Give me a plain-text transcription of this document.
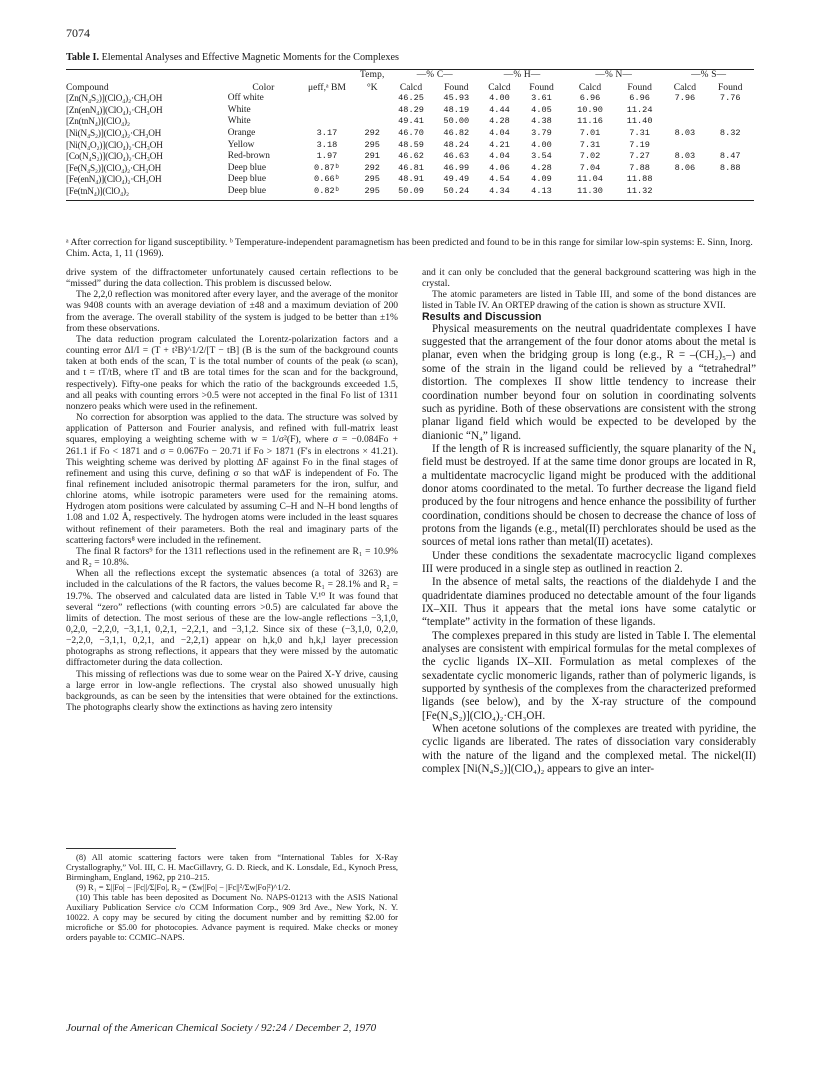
7074
Table I. Elemental Analyses and Effective Magnetic Moments for the Complexes
			Temp,	—% C—		—% H—		—% N—		—% S—	
Compound	Color	μeff,ᵃ BM	°K	Calcd	Found	Calcd	Found	Calcd	Found	Calcd	Found
[Zn(N₄S₂)](ClO₄)₂·CH₃OH	Off white			46.25	45.93	4.00	3.61	6.96	6.96	7.96	7.76
[Zn(enN₄)](ClO₄)₂·CH₃OH	White			48.29	48.19	4.44	4.05	10.90	11.24		
[Zn(tnN₄)](ClO₄)₂	White			49.41	50.00	4.28	4.38	11.16	11.40		
[Ni(N₄S₂)](ClO₄)₂·CH₃OH	Orange	3.17	292	46.70	46.82	4.04	3.79	7.01	7.31	8.03	8.32
[Ni(N₄O₂)](ClO₄)₂·CH₃OH	Yellow	3.18	295	48.59	48.24	4.21	4.00	7.31	7.19		
[Co(N₄S₂)](ClO₄)₂·CH₃OH	Red-brown	1.97	291	46.62	46.63	4.04	3.54	7.02	7.27	8.03	8.47
[Fe(N₄S₂)](ClO₄)₂·CH₃OH	Deep blue	0.87ᵇ	292	46.81	46.99	4.06	4.28	7.04	7.88	8.06	8.88
[Fe(enN₄)](ClO₄)₂·CH₃OH	Deep blue	0.66ᵇ	295	48.91	49.49	4.54	4.09	11.04	11.88		
[Fe(tnN₄)](ClO₄)₂	Deep blue	0.82ᵇ	295	50.09	50.24	4.34	4.13	11.30	11.32		
ᵃ After correction for ligand susceptibility. ᵇ Temperature-independent paramagnetism has been predicted and found to be in this range for similar low-spin systems: E. Sinn, Inorg. Chim. Acta, 1, 11 (1969).

drive system of the diffractometer unfortunately caused certain reflections to be “missed” during the data collection. This problem is discussed below.

The 2,2,0 reflection was monitored after every layer, and the average of the monitor was 9408 counts with an average deviation of ±48 and a maximum deviation of 200 from the average. The overall stability of the system is judged to be better than ±1% from these observations.

The data reduction program calculated the Lorentz-polarization factors and a counting error ΔI/I = (T + t²B)^1/2/[T − tB] (B is the sum of the background counts taken at both ends of the scan, T is the total number of counts of the peak (ω scan), and t = tT/tB, where tT and tB are total times for the scan and for the background, respectively). Fifty-one peaks for which the ratio of the backgrounds exceeded 1.5, and all peaks with counting errors >0.5 were not accepted in the final Fo list of 1311 nonzero peaks which were used in the refinement.

No correction for absorption was applied to the data. The structure was solved by application of Patterson and Fourier analysis, and refined with full-matrix least squares, employing a weighting scheme with w = 1/σ²(F), where σ = −0.084Fo + 261.1 if Fo < 1871 and σ = 0.067Fo − 20.71 if Fo > 1871 (F's in electrons × 41.21). This weighting scheme was derived by plotting ΔF against Fo in the final stages of refinement and using this curve, defining σ so that wΔF is independent of Fo. The final refinement included anisotropic thermal parameters for the iron, sulfur, and chlorine atoms, while isotropic parameters were used for the remaining atoms. Hydrogen atom positions were calculated by assuming C–H and N–H bond lengths of 1.08 and 1.02 Å, respectively. The hydrogen atoms were included in the least squares without refinement of their parameters. Both the real and imaginary parts of the scattering factors⁸ were included in the refinement.

The final R factors⁹ for the 1311 reflections used in the refinement are R₁ = 10.9% and R₂ = 10.8%.

When all the reflections except the systematic absences (a total of 3263) are included in the calculations of the R factors, the values become R₁ = 28.1% and R₂ = 19.7%. The observed and calculated data are listed in Table V.¹⁰ It was found that several “zero” reflections (with counting errors >0.5) are calculated far above the limits of detection. The most serious of these are the low-angle reflections −3,1,0, 0,2,0, −2,2,0, −3,1,1, 0,2,1, −2,2,1, and −3,1,2. Since six of these (−3,1,0, 0,2,0, −2,2,0, −3,1,1, 0,2,1, and −2,2,1) appear on h,k,0 and h,k,l layer precession photographs as strong reflections, it appears that they were missed by the automatic diffractometer during the data collection.

This missing of reflections was due to some wear on the Paired X-Y drive, causing a large error in low-angle reflections. The crystal also showed unusually high backgrounds, as can be seen by the intensities that were obtained for the extinctions. The photographs clearly show the extinctions as having zero intensity

(8) All atomic scattering factors were taken from “International Tables for X-Ray Crystallography,” Vol. III, C. H. MacGillavry, G. D. Rieck, and K. Lonsdale, Ed., Kynoch Press, Birmingham, England, 1962, pp 210–215.

(9) R₁ = Σ||Fo| − |Fc||/Σ|Fo|, R₂ = (Σw||Fo| − |Fc||²/Σw|Fo|²)^1/2.

(10) This table has been deposited as Document No. NAPS-01213 with the ASIS National Auxiliary Publication Service c/o CCM Information Corp., 909 3rd Ave., New York, N. Y. 10022. A copy may be secured by citing the document number and by remitting $2.00 for microfiche or $5.00 for photocopies. Advance payment is required. Make checks or money orders payable to: CCMIC–NAPS.

and it can only be concluded that the general background scattering was high in the crystal.

The atomic parameters are listed in Table III, and some of the bond distances are listed in Table IV. An ORTEP drawing of the cation is shown as structure XVII.

Results and Discussion

Physical measurements on the neutral quadridentate complexes I have suggested that the arrangement of the four donor atoms about the metal is planar, even when the bridging group is long (e.g., R = –(CH₂)₅–) and some of the strain in the ligand could be relieved by a “tetrahedral” distortion. The complexes II show little tendency to increase their coordination number beyond four on solution in coordinating solvents such as pyridine. Both of these observations are consistent with the strong planar ligand field which would be expected to be developed by the dianionic “N₄” ligand.

If the length of R is increased sufficiently, the square planarity of the N₄ field must be destroyed. If at the same time donor groups are located in R, a multidentate macrocyclic ligand might be produced with the additional donor atoms coordinated to the metal. To further decrease the ligand field produced by the four nitrogens and hence enhance the possibility of further coordination, conditions should be chosen to decrease the chance of loss of protons from the ligands (e.g., metal(II) perchlorates should be used as the sources of metal ions rather than metal(II) acetates).

Under these conditions the sexadentate macrocyclic ligand complexes III were produced in a single step as outlined in reaction 2.

In the absence of metal salts, the reactions of the dialdehyde I and the quadridentate diamines produced no detectable amount of the four ligands IX–XII. Thus it appears that the metal ions have some catalytic or “template” activity in the formation of these ligands.

The complexes prepared in this study are listed in Table I. The elemental analyses are consistent with empirical formulas for the metal complexes of the cyclic ligands IX–XII. Formulation as metal complexes of the sexadentate cyclic monomeric ligands, rather than of polymeric ligands, is supported by synthesis of the complexes from the characterized preformed ligands (see below), and by the X-ray structure of the compound [Fe(N₄S₂)](ClO₄)₂·CH₃OH.

When acetone solutions of the complexes are treated with pyridine, the cyclic ligands are liberated. The rates of dissociation vary considerably with the nature of the ligand and the complexed metal. The nickel(II) complex [Ni(N₄S₂)](ClO₄)₂ appears to give an inter-

Journal of the American Chemical Society / 92:24 / December 2, 1970
